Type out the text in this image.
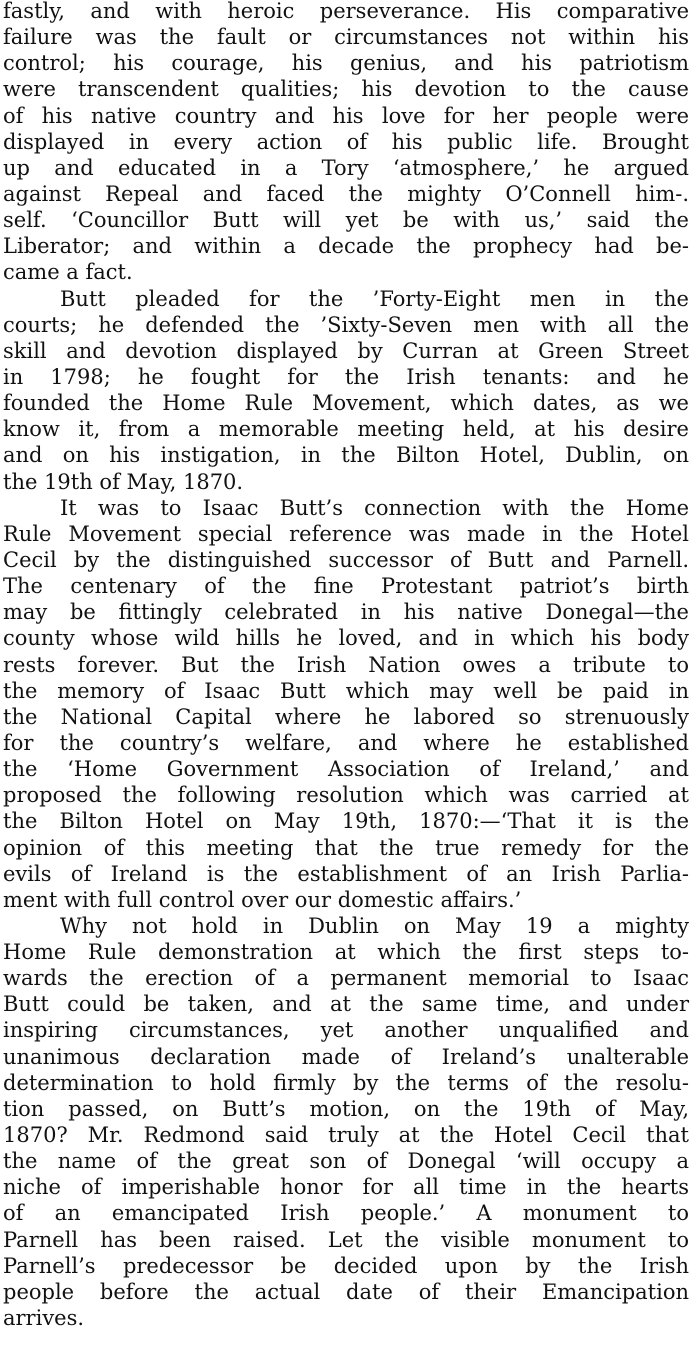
fastly, and with heroic perseverance. His comparative
failure was the fault or circumstances not within his
control; his courage, his genius, and his patriotism
were transcendent qualities; his devotion to the cause
of his native country and his love for her people were
displayed in every action of his public life. Brought
up and educated in a Tory ‘atmosphere,’ he argued
against Repeal and faced the mighty O’Connell him-.
self. ‘Councillor Butt will yet be with us,’ said the
Liberator; and within a decade the prophecy had be-
came a fact.
Butt pleaded for the ’Forty-Eight men in the
courts; he defended the ’Sixty-Seven men with all the
skill and devotion displayed by Curran at Green Street
in 1798; he fought for the Irish tenants: and he
founded the Home Rule Movement, which dates, as we
know it, from a memorable meeting held, at his desire
and on his instigation, in the Bilton Hotel, Dublin, on
the 19th of May, 1870.
It was to Isaac Butt’s connection with the Home
Rule Movement special reference was made in the Hotel
Cecil by the distinguished successor of Butt and Parnell.
The centenary of the fine Protestant patriot’s birth
may be fittingly celebrated in his native Donegal—the
county whose wild hills he loved, and in which his body
rests forever. But the Irish Nation owes a tribute to
the memory of Isaac Butt which may well be paid in
the National Capital where he labored so strenuously
for the country’s welfare, and where he established
the ‘Home Government Association of Ireland,’ and
proposed the following resolution which was carried at
the Bilton Hotel on May 19th, 1870:—‘That it is the
opinion of this meeting that the true remedy for the
evils of Ireland is the establishment of an Irish Parlia-
ment with full control over our domestic affairs.’
Why not hold in Dublin on May 19 a mighty
Home Rule demonstration at which the first steps to-
wards the erection of a permanent memorial to Isaac
Butt could be taken, and at the same time, and under
inspiring circumstances, yet another unqualified and
unanimous declaration made of Ireland’s unalterable
determination to hold firmly by the terms of the resolu-
tion passed, on Butt’s motion, on the 19th of May,
1870? Mr. Redmond said truly at the Hotel Cecil that
the name of the great son of Donegal ‘will occupy a
niche of imperishable honor for all time in the hearts
of an emancipated Irish people.’ A monument to
Parnell has been raised. Let the visible monument to
Parnell’s predecessor be decided upon by the Irish
people before the actual date of their Emancipation
arrives.
